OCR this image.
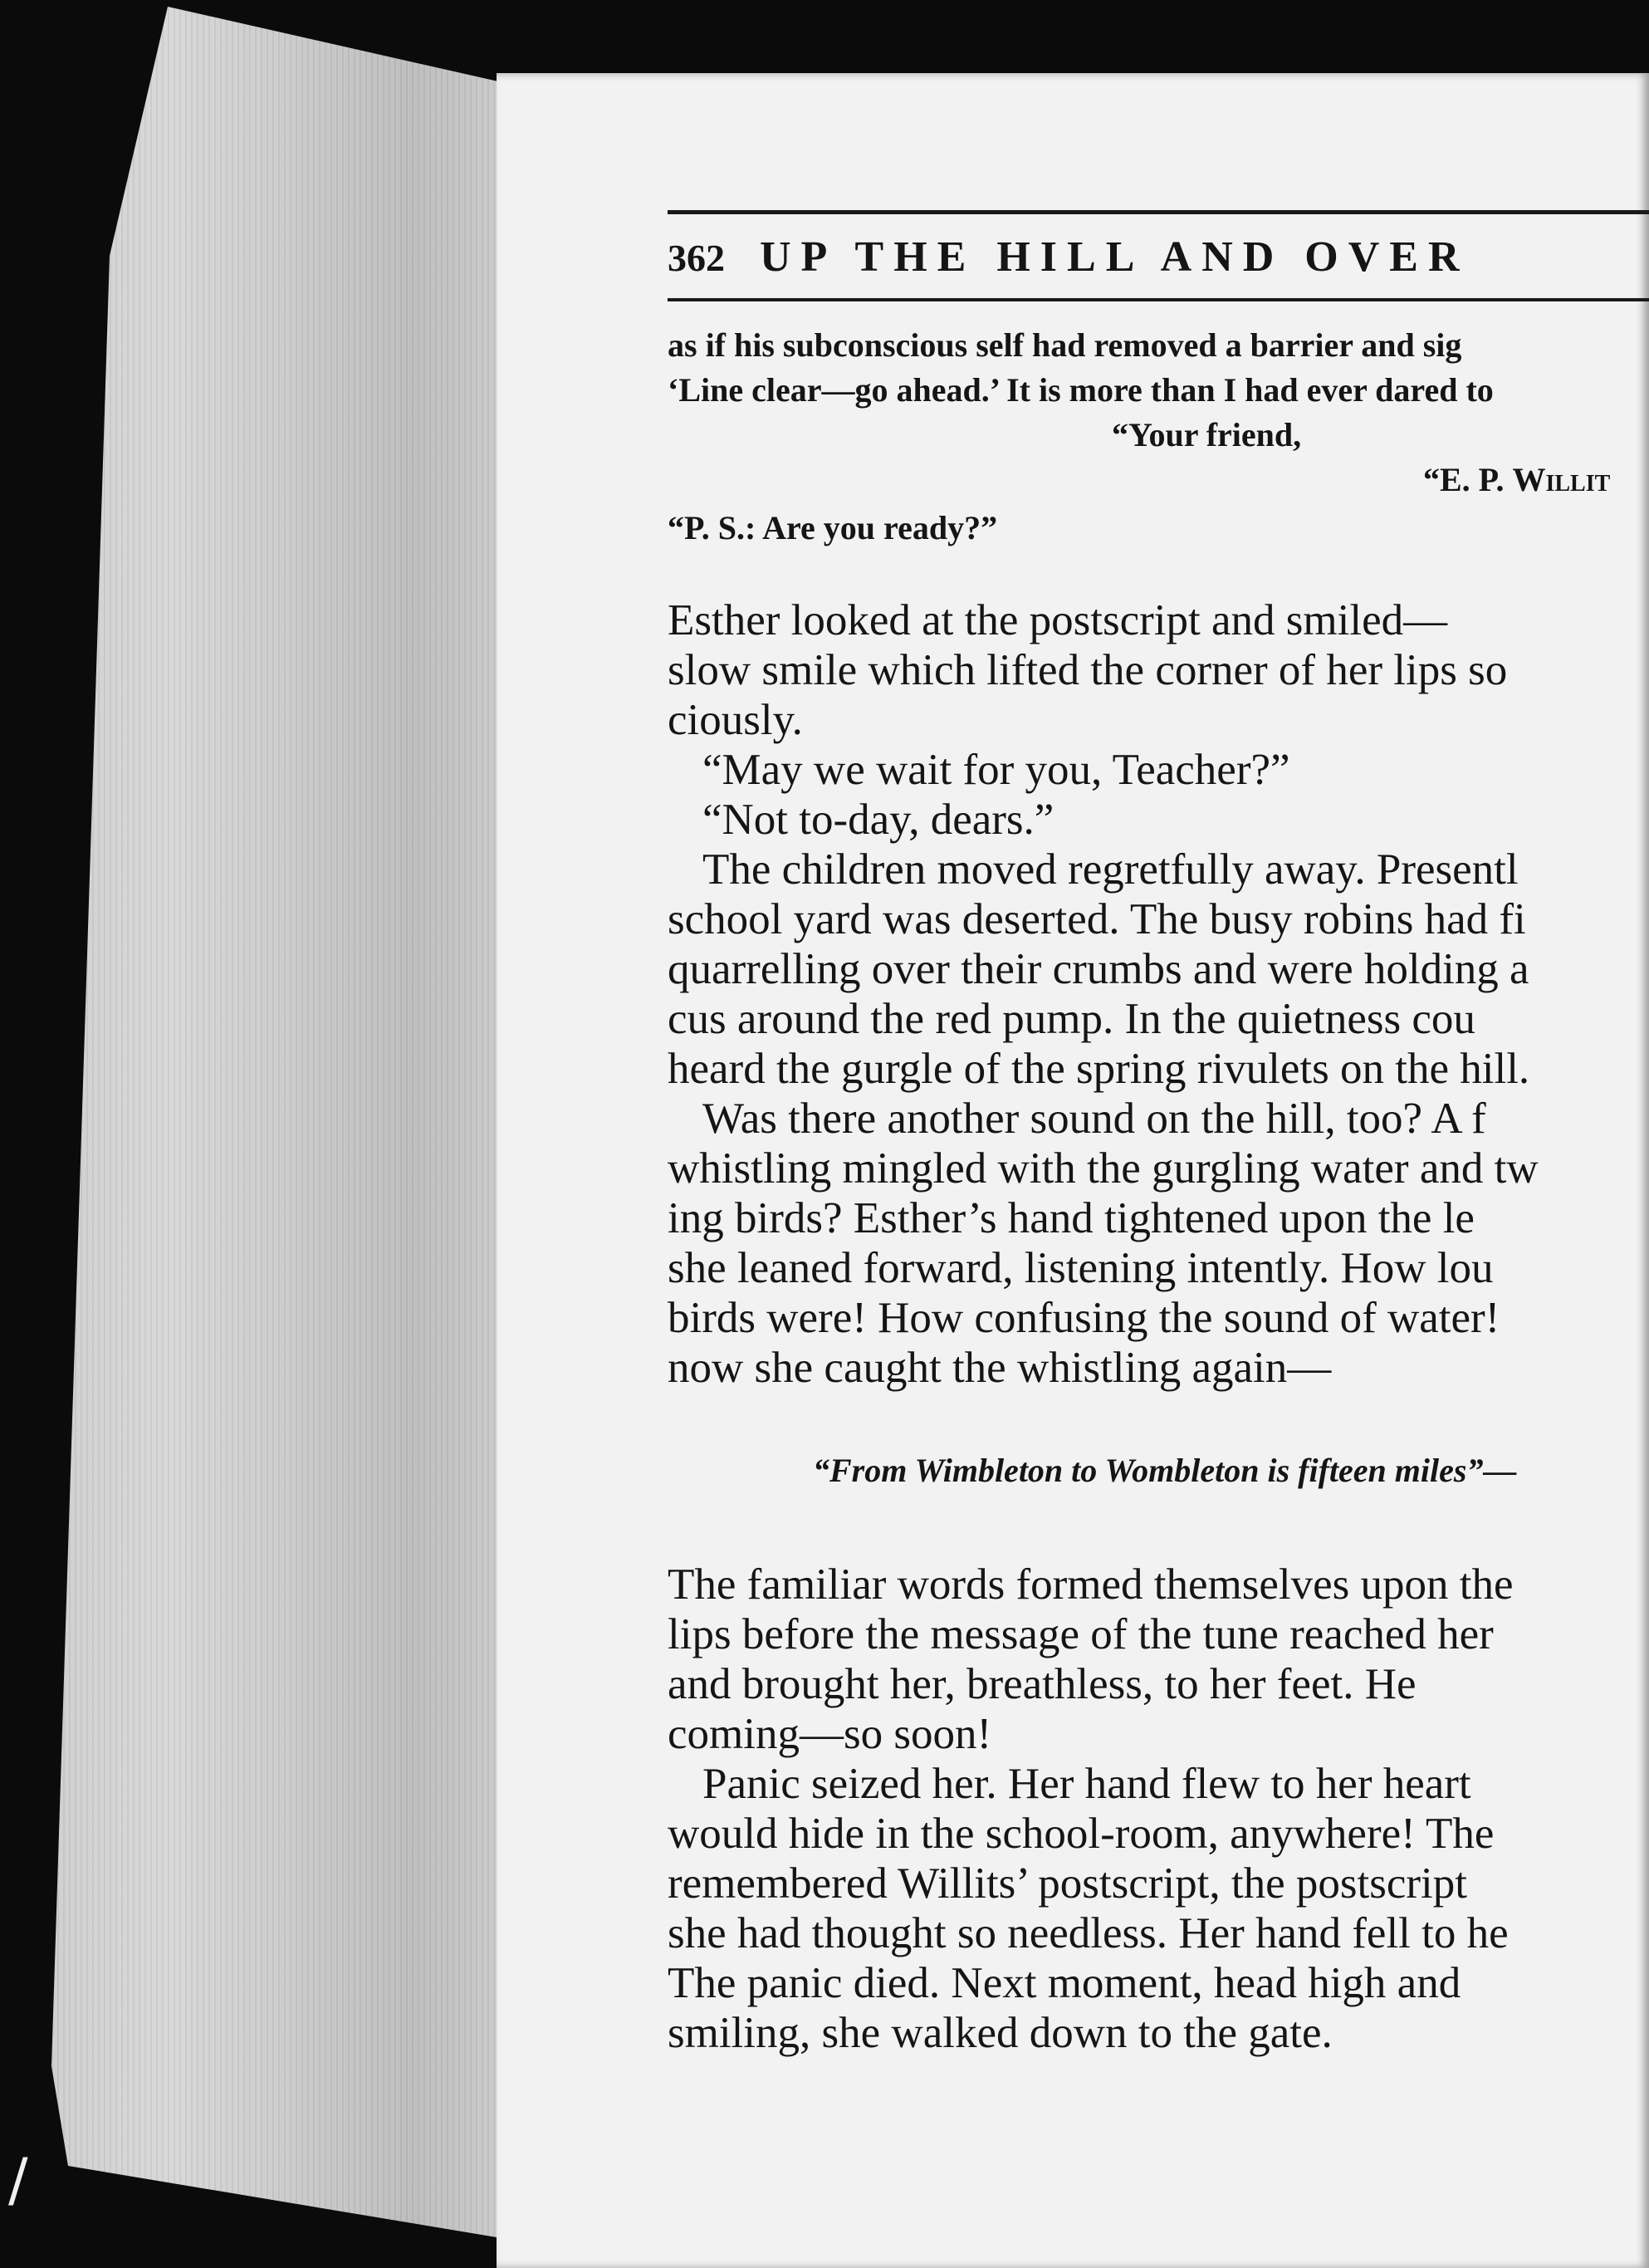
/
362 UP THE HILL AND OVER

as if his subconscious self had removed a barrier and sig

‘Line clear—go ahead.’ It is more than I had ever dared to

“Your friend,

“E. P. Willit

“P. S.: Are you ready?”

Esther looked at the postscript and smiled—

slow smile which lifted the corner of her lips so

ciously.

“May we wait for you, Teacher?”

“Not to-day, dears.”

The children moved regretfully away. Presentl

school yard was deserted. The busy robins had fi

quarrelling over their crumbs and were holding a

cus around the red pump. In the quietness cou

heard the gurgle of the spring rivulets on the hill.

Was there another sound on the hill, too? A f

whistling mingled with the gurgling water and tw

ing birds? Esther’s hand tightened upon the le

she leaned forward, listening intently. How lou

birds were! How confusing the sound of water!

now she caught the whistling again—

“From Wimbleton to Wombleton is fifteen miles”—

The familiar words formed themselves upon the

lips before the message of the tune reached her

and brought her, breathless, to her feet. He

coming—so soon!

Panic seized her. Her hand flew to her heart

would hide in the school-room, anywhere! The

remembered Willits’ postscript, the postscript

she had thought so needless. Her hand fell to he

The panic died. Next moment, head high and

smiling, she walked down to the gate.
